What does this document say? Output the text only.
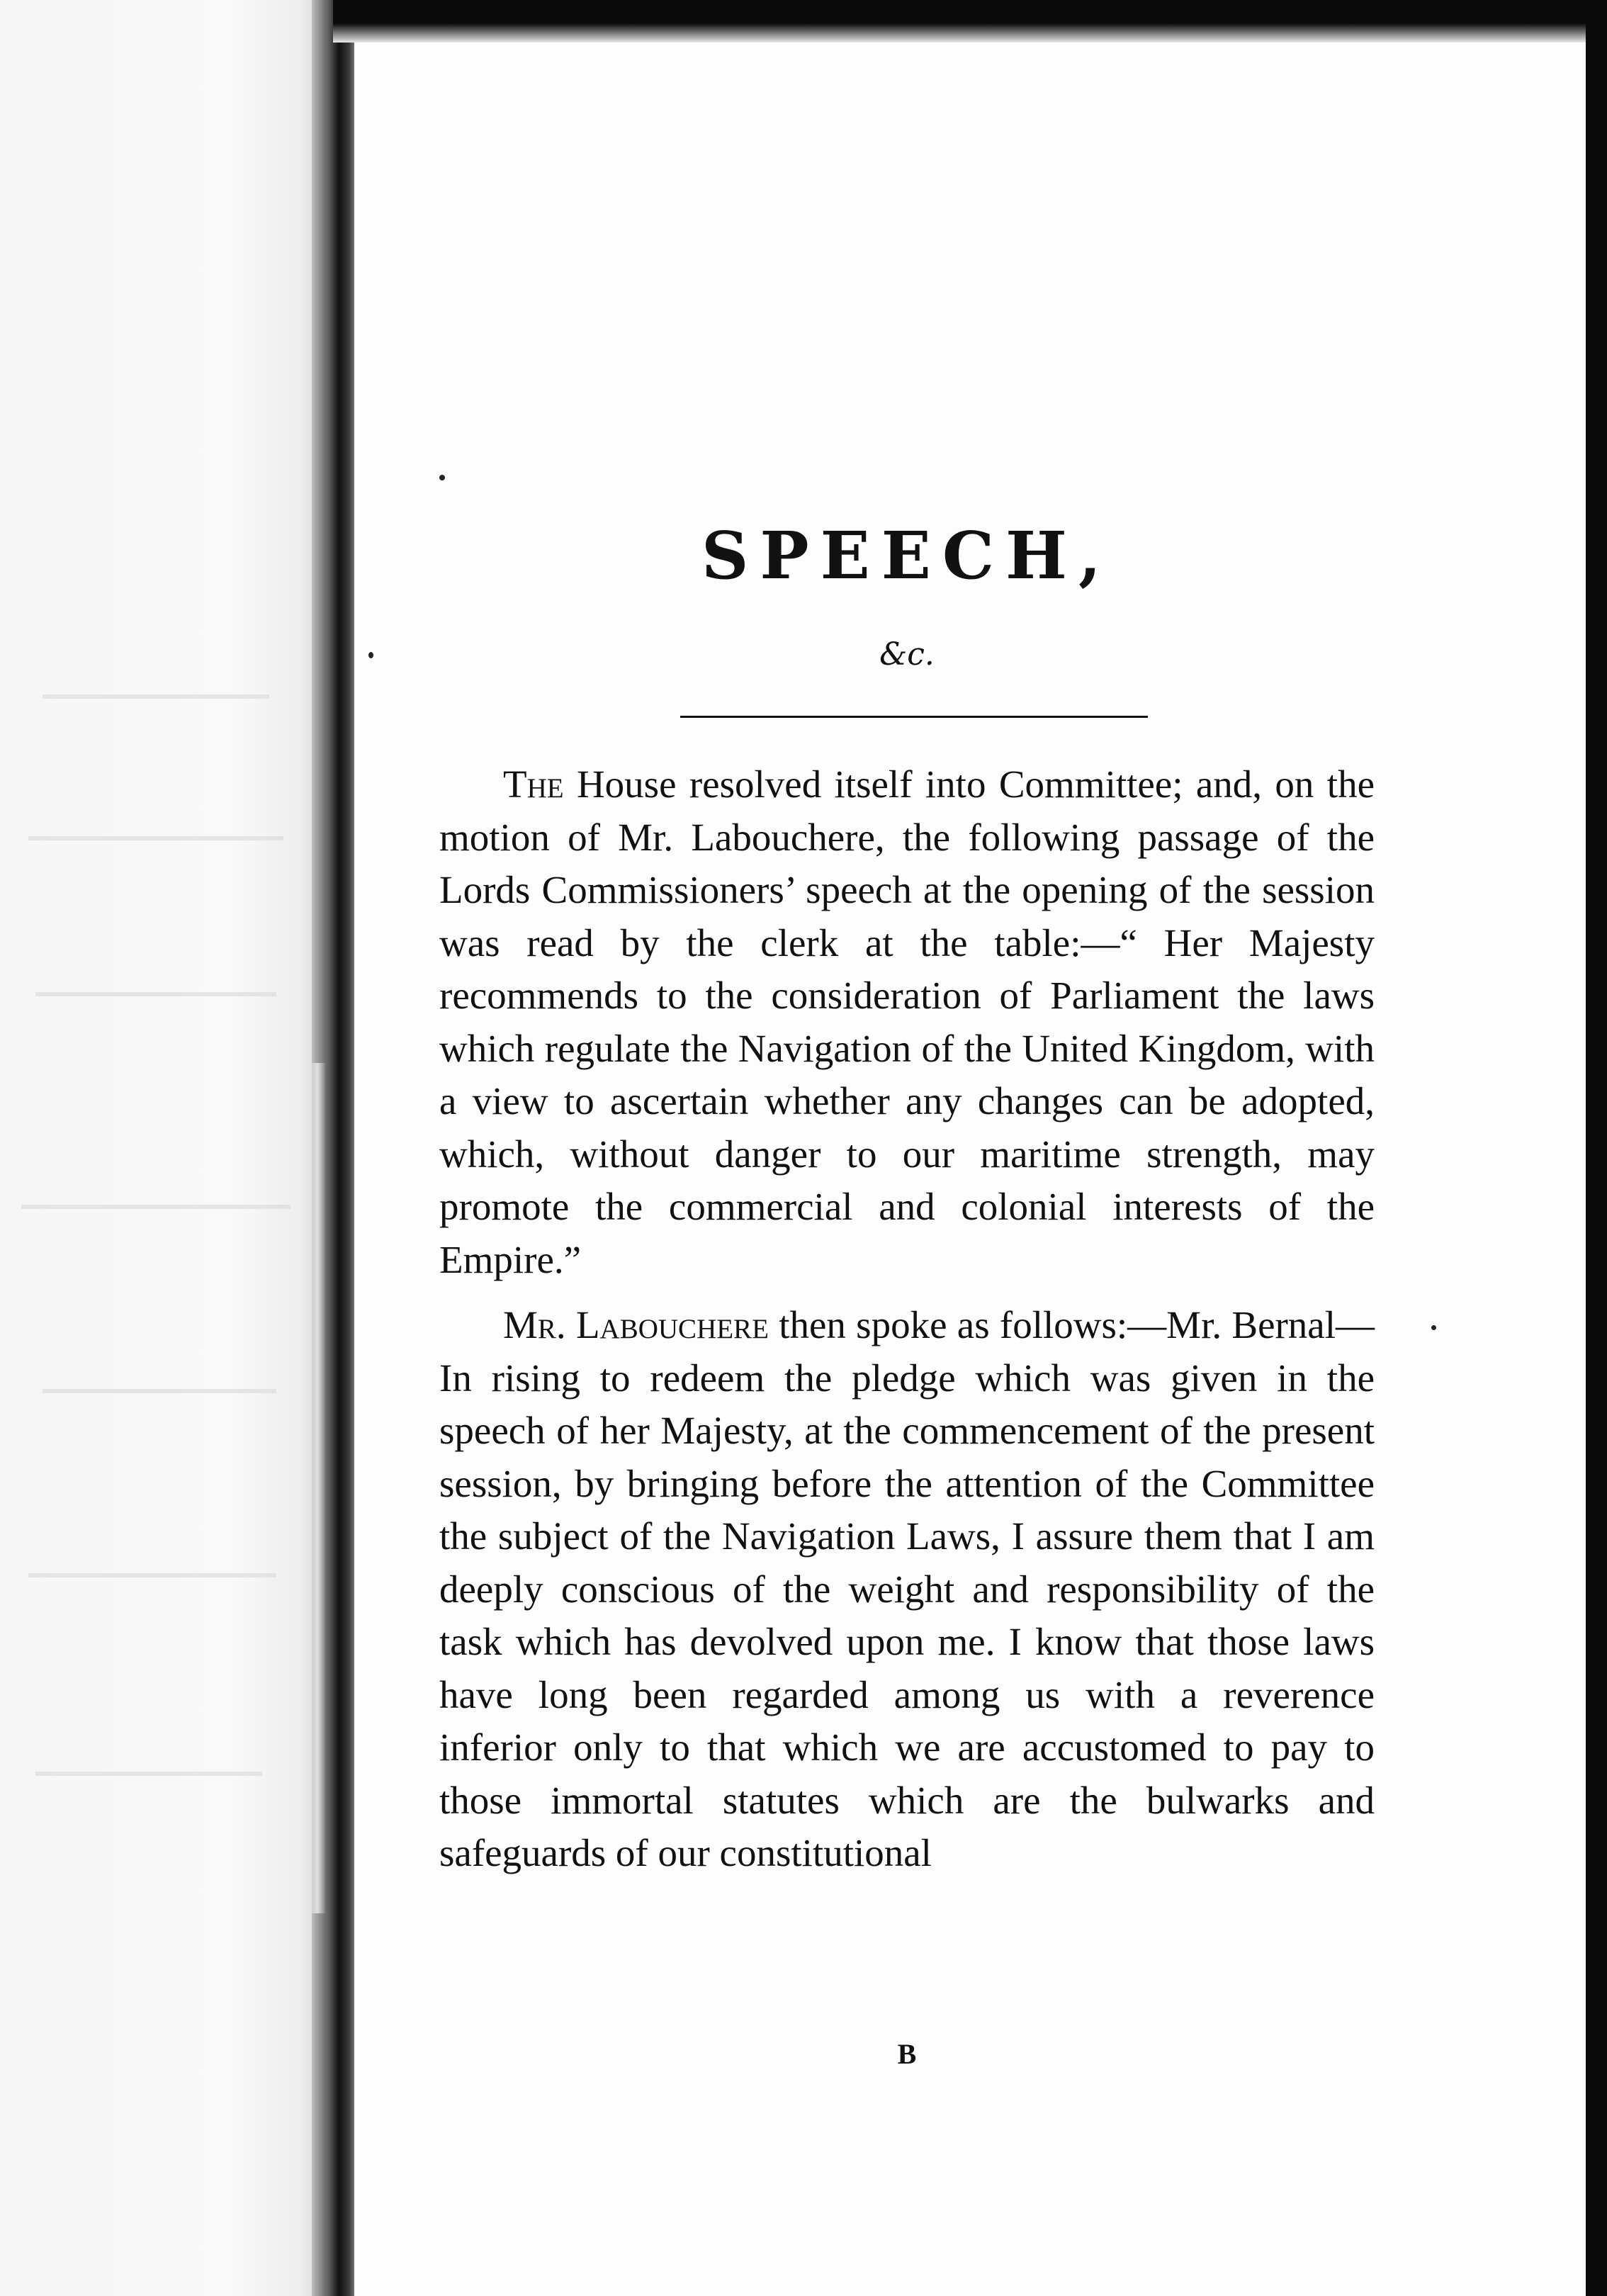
SPEECH,
&c.

The House resolved itself into Committee; and, on the motion of Mr. Labouchere, the following passage of the Lords Commissioners’ speech at the opening of the session was read by the clerk at the table:—“ Her Majesty recommends to the consideration of Parliament the laws which regulate the Navigation of the United Kingdom, with a view to ascertain whether any changes can be adopted, which, without danger to our maritime strength, may promote the commercial and colonial interests of the Empire.”

Mr. Labouchere then spoke as follows:—Mr. Bernal—In rising to redeem the pledge which was given in the speech of her Majesty, at the commencement of the present session, by bringing before the attention of the Committee the subject of the Navigation Laws, I assure them that I am deeply conscious of the weight and responsibility of the task which has devolved upon me. I know that those laws have long been regarded among us with a reverence inferior only to that which we are accustomed to pay to those immortal statutes which are the bulwarks and safeguards of our constitutional

B
